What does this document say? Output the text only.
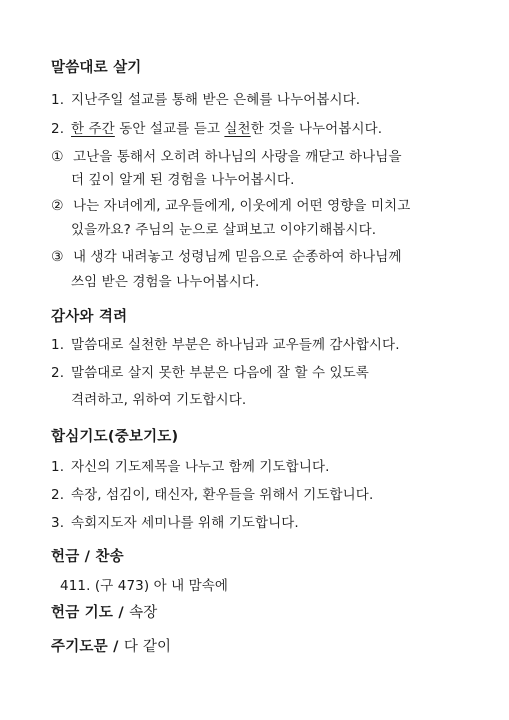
말씀대로 살기
1. 지난주일 설교를 통해 받은 은혜를 나누어봅시다.
2. 한 주간 동안 설교를 듣고 실천한 것을 나누어봅시다.
① 고난을 통해서 오히려 하나님의 사랑을 깨닫고 하나님을
더 깊이 알게 된 경험을 나누어봅시다.
② 나는 자녀에게, 교우들에게, 이웃에게 어떤 영향을 미치고
있을까요? 주님의 눈으로 살펴보고 이야기해봅시다.
③ 내 생각 내려놓고 성령님께 믿음으로 순종하여 하나님께
쓰임 받은 경험을 나누어봅시다.
감사와 격려
1. 말씀대로 실천한 부분은 하나님과 교우들께 감사합시다.
2. 말씀대로 살지 못한 부분은 다음에 잘 할 수 있도록
격려하고, 위하여 기도합시다.
합심기도(중보기도)
1. 자신의 기도제목을 나누고 함께 기도합니다.
2. 속장, 섬김이, 태신자, 환우들을 위해서 기도합니다.
3. 속회지도자 세미나를 위해 기도합니다.
헌금 / 찬송
411. (구 473) 아 내 맘속에
헌금 기도 / 속장
주기도문 / 다 같이
